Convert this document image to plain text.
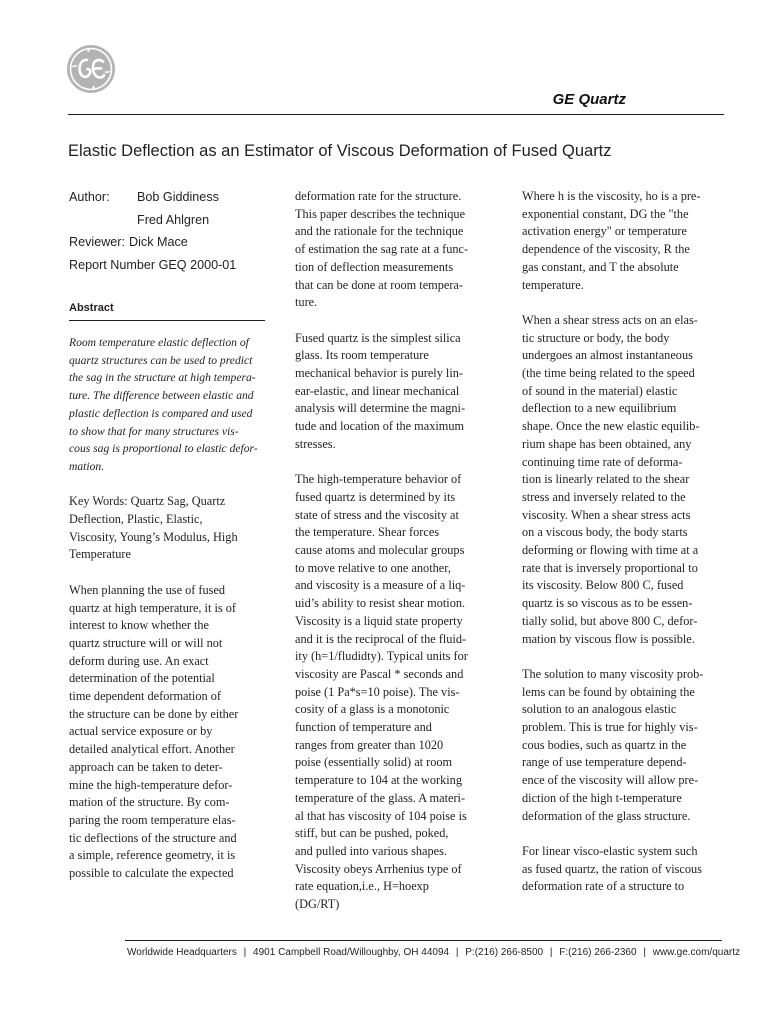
GE Quartz
Elastic Deflection as an Estimator of Viscous Deformation of Fused Quartz
Author: Bob Giddiness
Fred Ahlgren
Reviewer: Dick Mace
Report Number GEQ 2000-01
Abstract

Room temperature elastic deflection of
quartz structures can be used to predict
the sag in the structure at high tempera-
ture. The difference between elastic and
plastic deflection is compared and used
to show that for many structures vis-
cous sag is proportional to elastic defor-
mation.

Key Words: Quartz Sag, Quartz
Deflection, Plastic, Elastic,
Viscosity, Young’s Modulus, High
Temperature

When planning the use of fused
quartz at high temperature, it is of
interest to know whether the
quartz structure will or will not
deform during use. An exact
determination of the potential
time dependent deformation of
the structure can be done by either
actual service exposure or by
detailed analytical effort. Another
approach can be taken to deter-
mine the high-temperature defor-
mation of the structure. By com-
paring the room temperature elas-
tic deflections of the structure and
a simple, reference geometry, it is
possible to calculate the expected

deformation rate for the structure.
This paper describes the technique
and the rationale for the technique
of estimation the sag rate at a func-
tion of deflection measurements
that can be done at room tempera-
ture.

Fused quartz is the simplest silica
glass. Its room temperature
mechanical behavior is purely lin-
ear-elastic, and linear mechanical
analysis will determine the magni-
tude and location of the maximum
stresses.

The high-temperature behavior of
fused quartz is determined by its
state of stress and the viscosity at
the temperature. Shear forces
cause atoms and molecular groups
to move relative to one another,
and viscosity is a measure of a liq-
uid’s ability to resist shear motion.
Viscosity is a liquid state property
and it is the reciprocal of the fluid-
ity (h=1/fludidty). Typical units for
viscosity are Pascal * seconds and
poise (1 Pa*s=10 poise). The vis-
cosity of a glass is a monotonic
function of temperature and
ranges from greater than 1020
poise (essentially solid) at room
temperature to 104 at the working
temperature of the glass. A materi-
al that has viscosity of 104 poise is
stiff, but can be pushed, poked,
and pulled into various shapes.
Viscosity obeys Arrhenius type of
rate equation,i.e., H=hoexp
(DG/RT)

Where h is the viscosity, ho is a pre-
exponential constant, DG the "the
activation energy" or temperature
dependence of the viscosity, R the
gas constant, and T the absolute
temperature.

When a shear stress acts on an elas-
tic structure or body, the body
undergoes an almost instantaneous
(the time being related to the speed
of sound in the material) elastic
deflection to a new equilibrium
shape. Once the new elastic equilib-
rium shape has been obtained, any
continuing time rate of deforma-
tion is linearly related to the shear
stress and inversely related to the
viscosity. When a shear stress acts
on a viscous body, the body starts
deforming or flowing with time at a
rate that is inversely proportional to
its viscosity. Below 800 C, fused
quartz is so viscous as to be essen-
tially solid, but above 800 C, defor-
mation by viscous flow is possible.

The solution to many viscosity prob-
lems can be found by obtaining the
solution to an analogous elastic
problem. This is true for highly vis-
cous bodies, such as quartz in the
range of use temperature depend-
ence of the viscosity will allow pre-
diction of the high t-temperature
deformation of the glass structure.

For linear visco-elastic system such
as fused quartz, the ration of viscous
deformation rate of a structure to

Worldwide Headquarters | 4901 Campbell Road/Willoughby, OH 44094 | P:(216) 266-8500 | F:(216) 266-2360 | www.ge.com/quartz
